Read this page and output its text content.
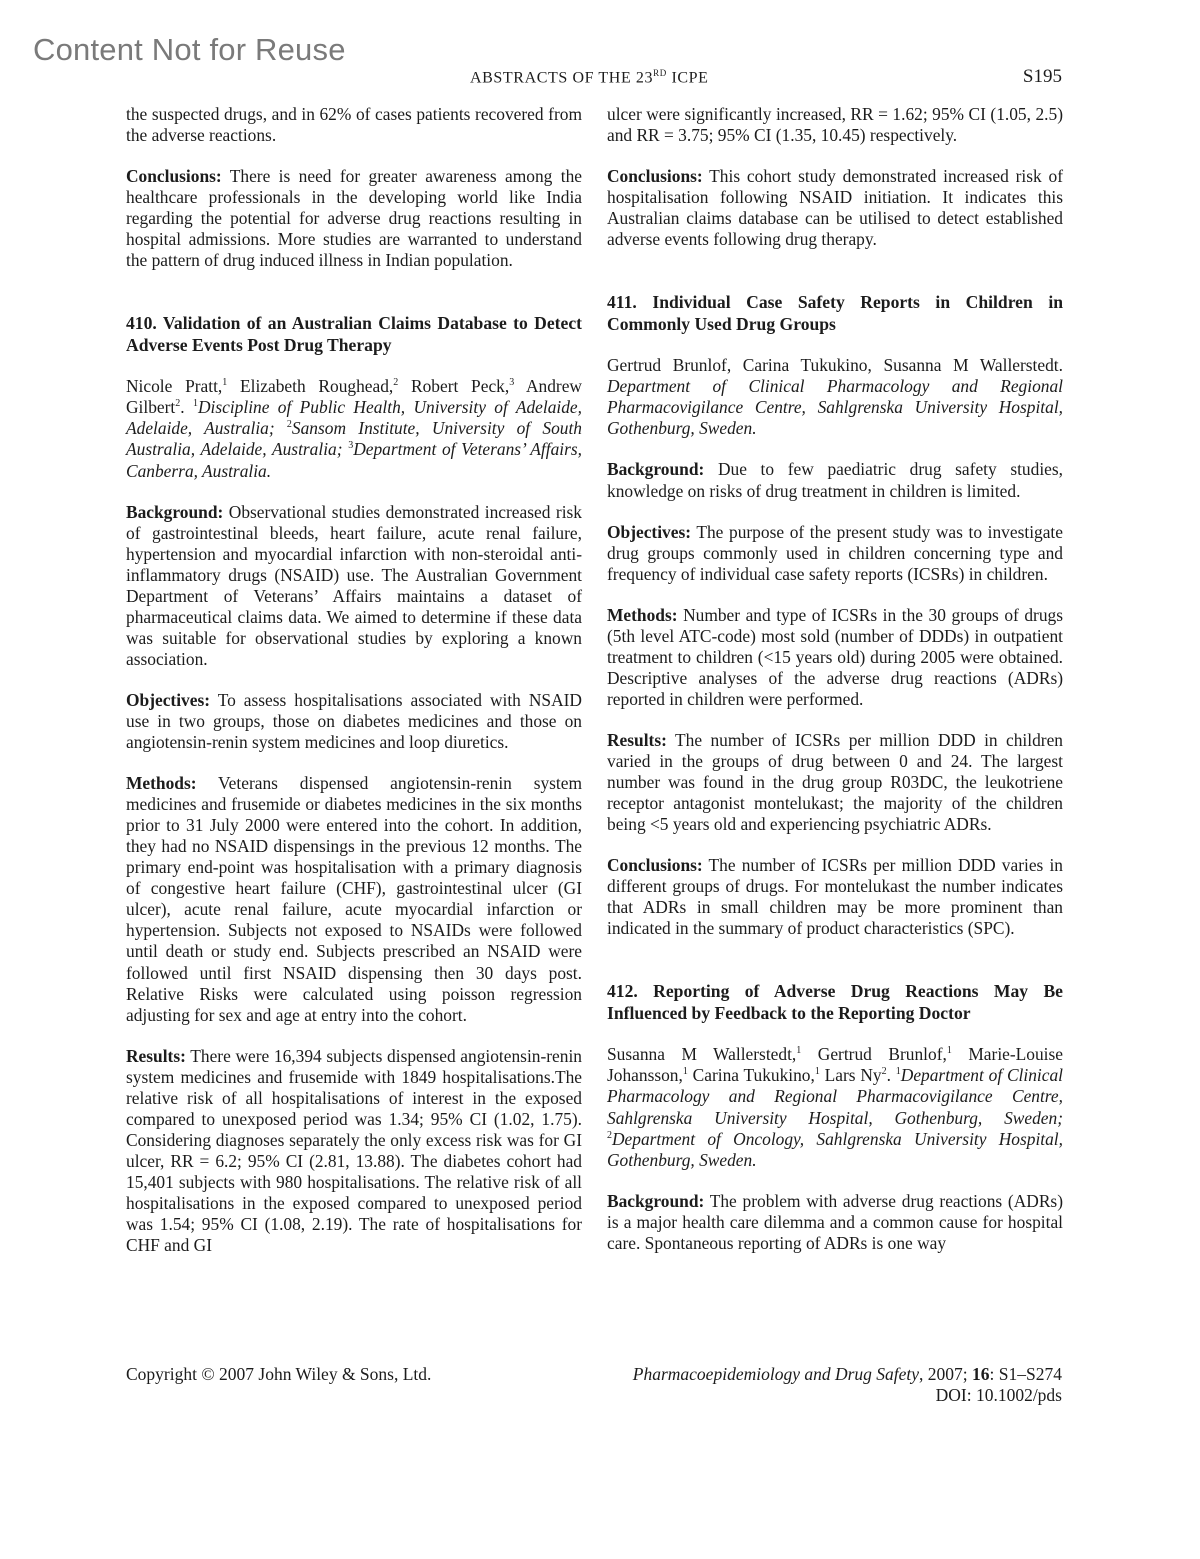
Content Not for Reuse
ABSTRACTS OF THE 23RD ICPE	S195

the suspected drugs, and in 62% of cases patients recovered from the adverse reactions.

Conclusions: There is need for greater awareness among the healthcare professionals in the developing world like India regarding the potential for adverse drug reactions resulting in hospital admissions. More studies are warranted to understand the pattern of drug induced illness in Indian population.

410. Validation of an Australian Claims Database to Detect Adverse Events Post Drug Therapy

Nicole Pratt,$^1$ Elizabeth Roughead,$^2$ Robert Peck,$^3$ Andrew Gilbert$^2$. $^1$Discipline of Public Health, University of Adelaide, Adelaide, Australia; $^2$Sansom Institute, University of South Australia, Adelaide, Australia; $^3$Department of Veterans’ Affairs, Canberra, Australia.

Background: Observational studies demonstrated increased risk of gastrointestinal bleeds, heart failure, acute renal failure, hypertension and myocardial infarction with non-steroidal anti-inflammatory drugs (NSAID) use. The Australian Government Department of Veterans’ Affairs maintains a dataset of pharmaceutical claims data. We aimed to determine if these data was suitable for observational studies by exploring a known association.

Objectives: To assess hospitalisations associated with NSAID use in two groups, those on diabetes medicines and those on angiotensin-renin system medicines and loop diuretics.

Methods: Veterans dispensed angiotensin-renin system medicines and frusemide or diabetes medicines in the six months prior to 31 July 2000 were entered into the cohort. In addition, they had no NSAID dispensings in the previous 12 months. The primary end-point was hospitalisation with a primary diagnosis of congestive heart failure (CHF), gastrointestinal ulcer (GI ulcer), acute renal failure, acute myocardial infarction or hypertension. Subjects not exposed to NSAIDs were followed until death or study end. Subjects prescribed an NSAID were followed until first NSAID dispensing then 30 days post. Relative Risks were calculated using poisson regression adjusting for sex and age at entry into the cohort.

Results: There were 16,394 subjects dispensed angiotensin-renin system medicines and frusemide with 1849 hospitalisations.The relative risk of all hospitalisations of interest in the exposed compared to unexposed period was 1.34; 95% CI (1.02, 1.75). Considering diagnoses separately the only excess risk was for GI ulcer, RR = 6.2; 95% CI (2.81, 13.88). The diabetes cohort had 15,401 subjects with 980 hospitalisations. The relative risk of all hospitalisations in the exposed compared to unexposed period was 1.54; 95% CI (1.08, 2.19). The rate of hospitalisations for CHF and GI

ulcer were significantly increased, RR = 1.62; 95% CI (1.05, 2.5) and RR = 3.75; 95% CI (1.35, 10.45) respectively.

Conclusions: This cohort study demonstrated increased risk of hospitalisation following NSAID initiation. It indicates this Australian claims database can be utilised to detect established adverse events following drug therapy.

411. Individual Case Safety Reports in Children in Commonly Used Drug Groups

Gertrud Brunlof, Carina Tukukino, Susanna M Wallerstedt. Department of Clinical Pharmacology and Regional Pharmacovigilance Centre, Sahlgrenska University Hospital, Gothenburg, Sweden.

Background: Due to few paediatric drug safety studies, knowledge on risks of drug treatment in children is limited.

Objectives: The purpose of the present study was to investigate drug groups commonly used in children concerning type and frequency of individual case safety reports (ICSRs) in children.

Methods: Number and type of ICSRs in the 30 groups of drugs (5th level ATC-code) most sold (number of DDDs) in outpatient treatment to children (<15 years old) during 2005 were obtained. Descriptive analyses of the adverse drug reactions (ADRs) reported in children were performed.

Results: The number of ICSRs per million DDD in children varied in the groups of drug between 0 and 24. The largest number was found in the drug group R03DC, the leukotriene receptor antagonist montelukast; the majority of the children being <5 years old and experiencing psychiatric ADRs.

Conclusions: The number of ICSRs per million DDD varies in different groups of drugs. For montelukast the number indicates that ADRs in small children may be more prominent than indicated in the summary of product characteristics (SPC).

412. Reporting of Adverse Drug Reactions May Be Influenced by Feedback to the Reporting Doctor

Susanna M Wallerstedt,$^1$ Gertrud Brunlof,$^1$ Marie-Louise Johansson,$^1$ Carina Tukukino,$^1$ Lars Ny$^2$. $^1$Department of Clinical Pharmacology and Regional Pharmacovigilance Centre, Sahlgrenska University Hospital, Gothenburg, Sweden; $^2$Department of Oncology, Sahlgrenska University Hospital, Gothenburg, Sweden.

Background: The problem with adverse drug reactions (ADRs) is a major health care dilemma and a common cause for hospital care. Spontaneous reporting of ADRs is one way

Copyright © 2007 John Wiley & Sons, Ltd.	Pharmacoepidemiology and Drug Safety, 2007; 16: S1–S274
DOI: 10.1002/pds
